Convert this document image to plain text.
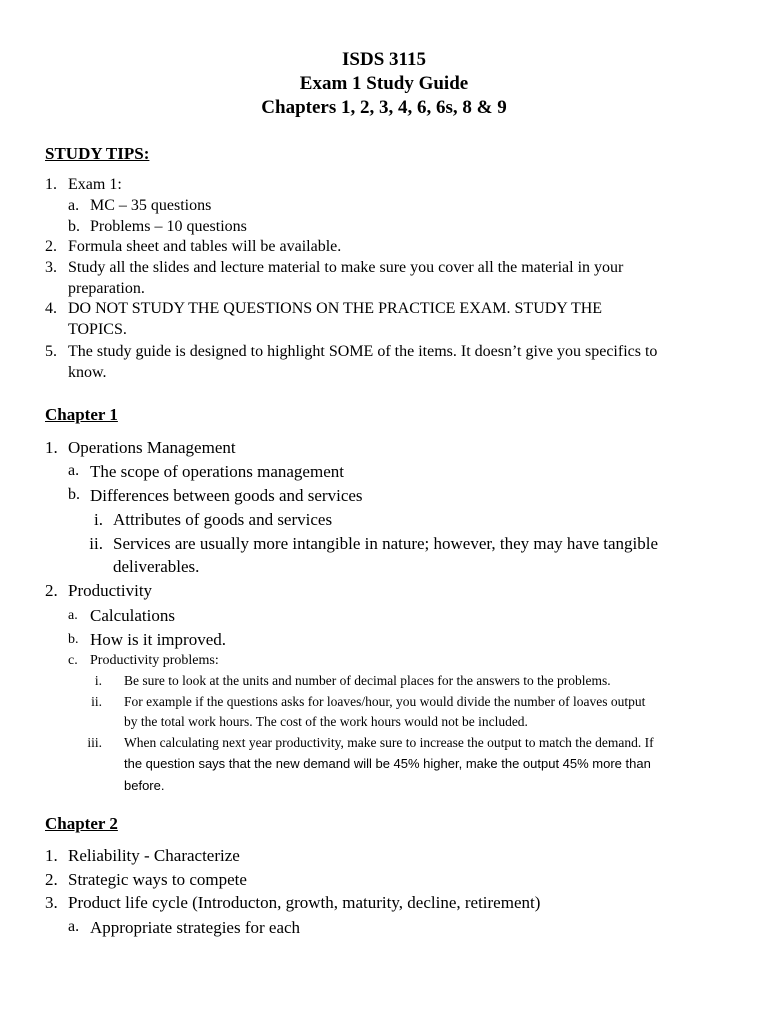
ISDS 3115
Exam 1 Study Guide
Chapters 1, 2, 3, 4, 6, 6s, 8 & 9
STUDY TIPS:
1. Exam 1:
a. MC – 35 questions
b. Problems – 10 questions
2. Formula sheet and tables will be available.
3. Study all the slides and lecture material to make sure you cover all the material in your
preparation.
4. DO NOT STUDY THE QUESTIONS ON THE PRACTICE EXAM. STUDY THE
TOPICS.
5. The study guide is designed to highlight SOME of the items. It doesn’t give you specifics to
know.
Chapter 1
1. Operations Management
a. The scope of operations management
b. Differences between goods and services
i. Attributes of goods and services
ii. Services are usually more intangible in nature; however, they may have tangible
deliverables.
2. Productivity
a. Calculations
b. How is it improved.
c. Productivity problems:
i. Be sure to look at the units and number of decimal places for the answers to the problems.
ii. For example if the questions asks for loaves/hour, you would divide the number of loaves output
by the total work hours. The cost of the work hours would not be included.
iii. When calculating next year productivity, make sure to increase the output to match the demand. If
the question says that the new demand will be 45% higher, make the output 45% more than
before.
Chapter 2
1. Reliability - Characterize
2. Strategic ways to compete
3. Product life cycle (Introducton, growth, maturity, decline, retirement)
a. Appropriate strategies for each
